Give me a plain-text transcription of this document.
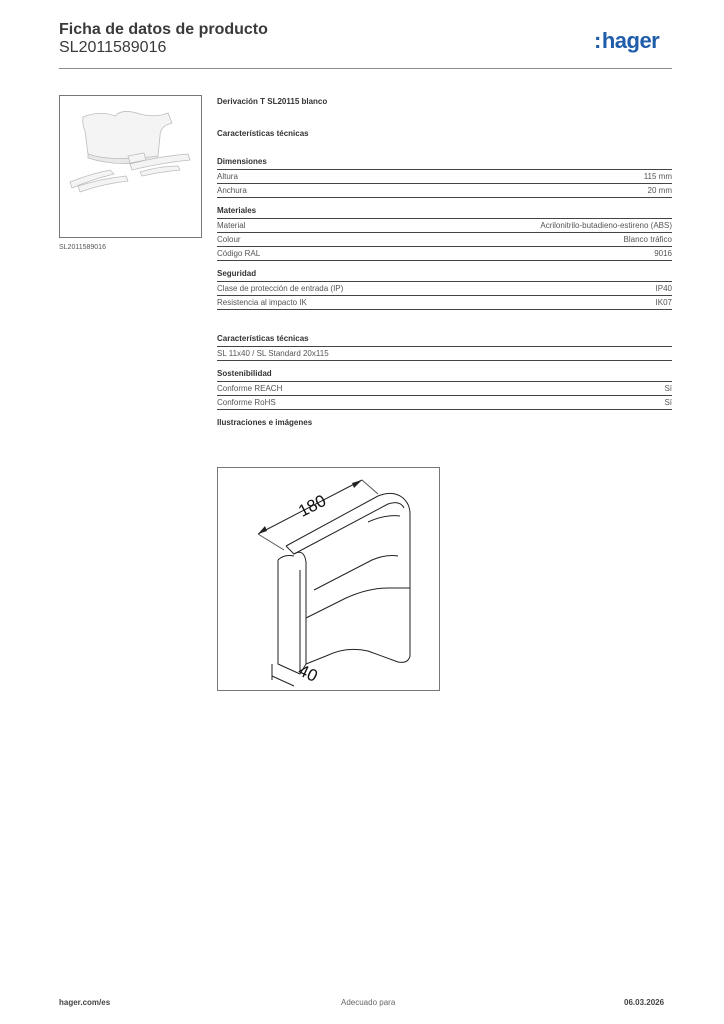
Ficha de datos de producto
SL2011589016	:hager
SL2011589016
Derivación T SL20115 blanco
Características técnicas
Dimensiones
Altura	115 mm
Anchura	20 mm
Materiales
Material	Acrilonitrilo-butadieno-estireno (ABS)
Colour	Blanco tráfico
Código RAL	9016
Seguridad
Clase de protección de entrada (IP)	IP40
Resistencia al impacto IK	IK07
Características técnicas
SL 11x40 / SL Standard 20x115
Sostenibilidad
Conforme REACH	Sí
Conforme RoHS	Sí
Ilustraciones e imágenes
180
40
hager.com/es	Adecuado para	06.03.2026
